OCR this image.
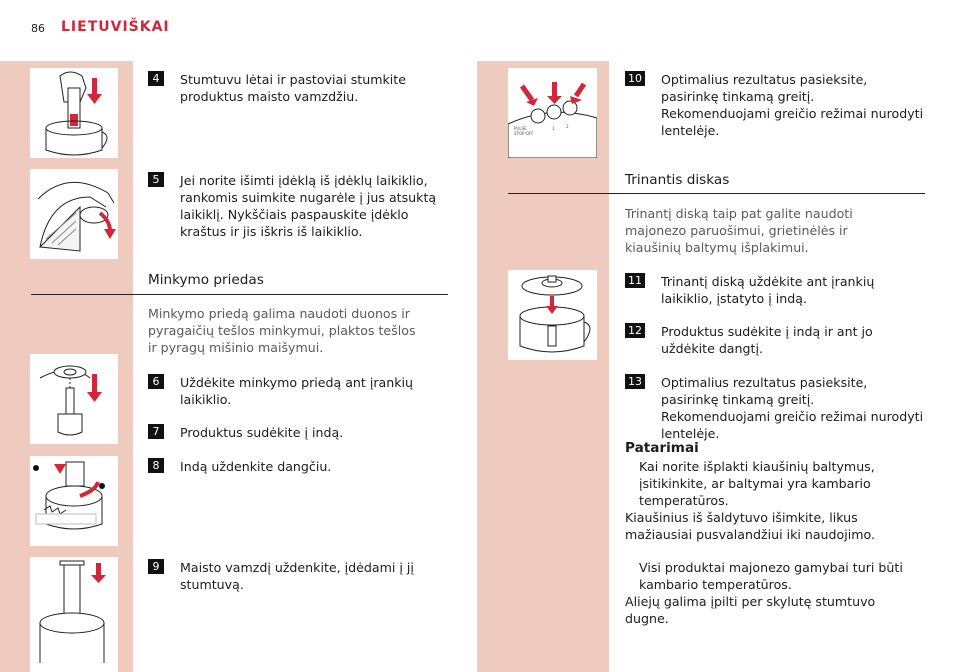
86 LIETUVIŠKAI
PULSE
STOP·OFF
1	2
4	Stumtuvu lėtai ir pastoviai stumkite produktus maisto vamzdžiu.
5	Jei norite išimti įdėklą iš įdėklų laikiklio, rankomis suimkite nugarėle į jus atsuktą laikiklį. Nykščiais paspauskite įdėklo kraštus ir jis iškris iš laikiklio.
Minkymo priedas
Minkymo priedą galima naudoti duonos ir pyragaičių tešlos minkymui, plaktos tešlos ir pyragų mišinio maišymui.
6	Uždėkite minkymo priedą ant įrankių laikiklio.
7	Produktus sudėkite į indą.
8	Indą uždenkite dangčiu.
9	Maisto vamzdį uždenkite, įdėdami į jį stumtuvą.
10 Optimalius rezultatus pasieksite, pasirinkę tinkamą greitį. Rekomenduojami greičio režimai nurodyti lentelėje.
Trinantis diskas
Trinantį diską taip pat galite naudoti majonezo paruošimui, grietinėlės ir kiaušinių baltymų išplakimui.
11 Trinantį diską uždėkite ant įrankių laikiklio, įstatyto į indą.
12 Produktus sudėkite į indą ir ant jo uždėkite dangtį.
13 Optimalius rezultatus pasieksite, pasirinkę tinkamą greitį. Rekomenduojami greičio režimai nurodyti lentelėje.
Patarimai
Kai norite išplakti kiaušinių baltymus, įsitikinkite, ar baltymai yra kambario temperatūros.
Kiaušinius iš šaldytuvo išimkite, likus mažiausiai pusvalandžiui iki naudojimo.
Visi produktai majonezo gamybai turi būti kambario temperatūros.
Aliejų galima įpilti per skylutę stumtuvo dugne.
